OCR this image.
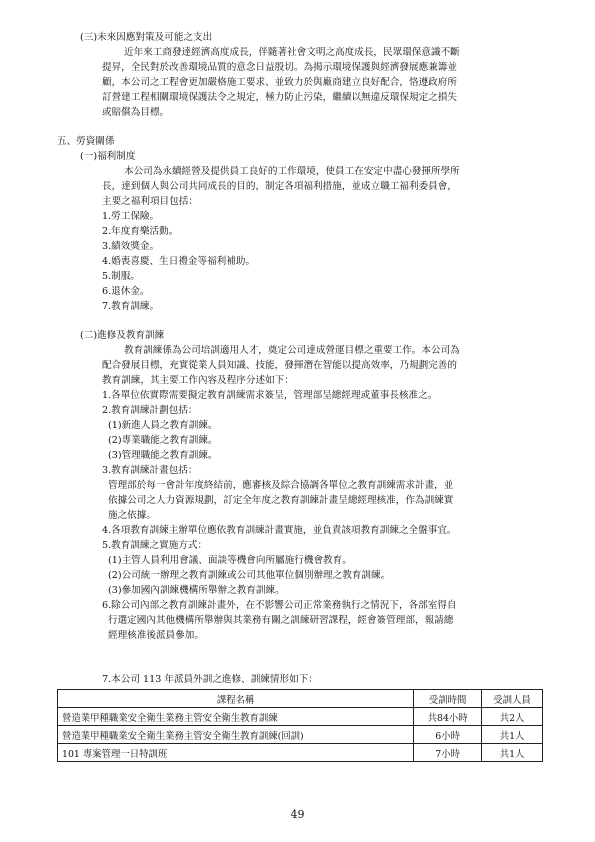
(三)未來因應對策及可能之支出
近年來工商發達經濟高度成長，伴隨著社會文明之高度成長，民眾環保意識不斷
提昇，全民對於改善環境品質的意念日益殷切。為揭示環境保護與經濟發展應兼籌並
顧，本公司之工程會更加嚴格施工要求、並致力於與廠商建立良好配合，恪遵政府所
訂營建工程相關環境保護法令之規定，極力防止污染，繼續以無違反環保規定之損失
或賠償為目標。
五、勞資關係
(一)福利制度
本公司為永續經營及提供員工良好的工作環境，使員工在安定中盡心發揮所學所
長，達到個人與公司共同成長的目的，制定各項福利措施，並成立職工福利委員會，
主要之福利項目包括：
1.勞工保險。
2.年度育樂活動。
3.績效獎金。
4.婚喪喜慶、生日禮金等福利補助。
5.制服。
6.退休金。
7.教育訓練。
(二)進修及教育訓練
教育訓練係為公司培訓適用人才，奠定公司達成營運目標之重要工作。本公司為
配合發展目標，充實從業人員知識、技能，發揮潛在智能以提高效率，乃規劃完善的
教育訓練，其主要工作內容及程序分述如下：
1.各單位依實際需要擬定教育訓練需求簽呈，管理部呈總經理或董事長核准之。
2.教育訓練計劃包括：
(1)新進人員之教育訓練。
(2)專業職能之教育訓練。
(3)管理職能之教育訓練。
3.教育訓練計畫包括：
管理部於每一會計年度終結前，應審核及綜合協調各單位之教育訓練需求計畫，並
依據公司之人力資源規劃，訂定全年度之教育訓練計畫呈總經理核准，作為訓練實
施之依據。
4.各項教育訓練主辦單位應依教育訓練計畫實施，並負責該項教育訓練之全盤事宜。
5.教育訓練之實施方式：
(1)主管人員利用會議、面談等機會向所屬施行機會教育。
(2)公司統一辦理之教育訓練或公司其他單位個別辦理之教育訓練。
(3)參加國內訓練機構所舉辦之教育訓練。
6.除公司內部之教育訓練計畫外，在不影響公司正常業務執行之情況下，各部室得自
行選定國內其他機構所舉辦與其業務有關之訓練研習課程，經會簽管理部，報請總
經理核准後派員參加。
7.本公司 113 年派員外訓之進修、訓練情形如下：
課程名稱	受訓時間	受訓人員
營造業甲種職業安全衛生業務主管安全衛生教育訓練	共84小時	共2人
營造業甲種職業安全衛生業務主管安全衛生教育訓練(回訓)	6小時	共1人
101 專案管理一日特訓班	7小時	共1人
49
